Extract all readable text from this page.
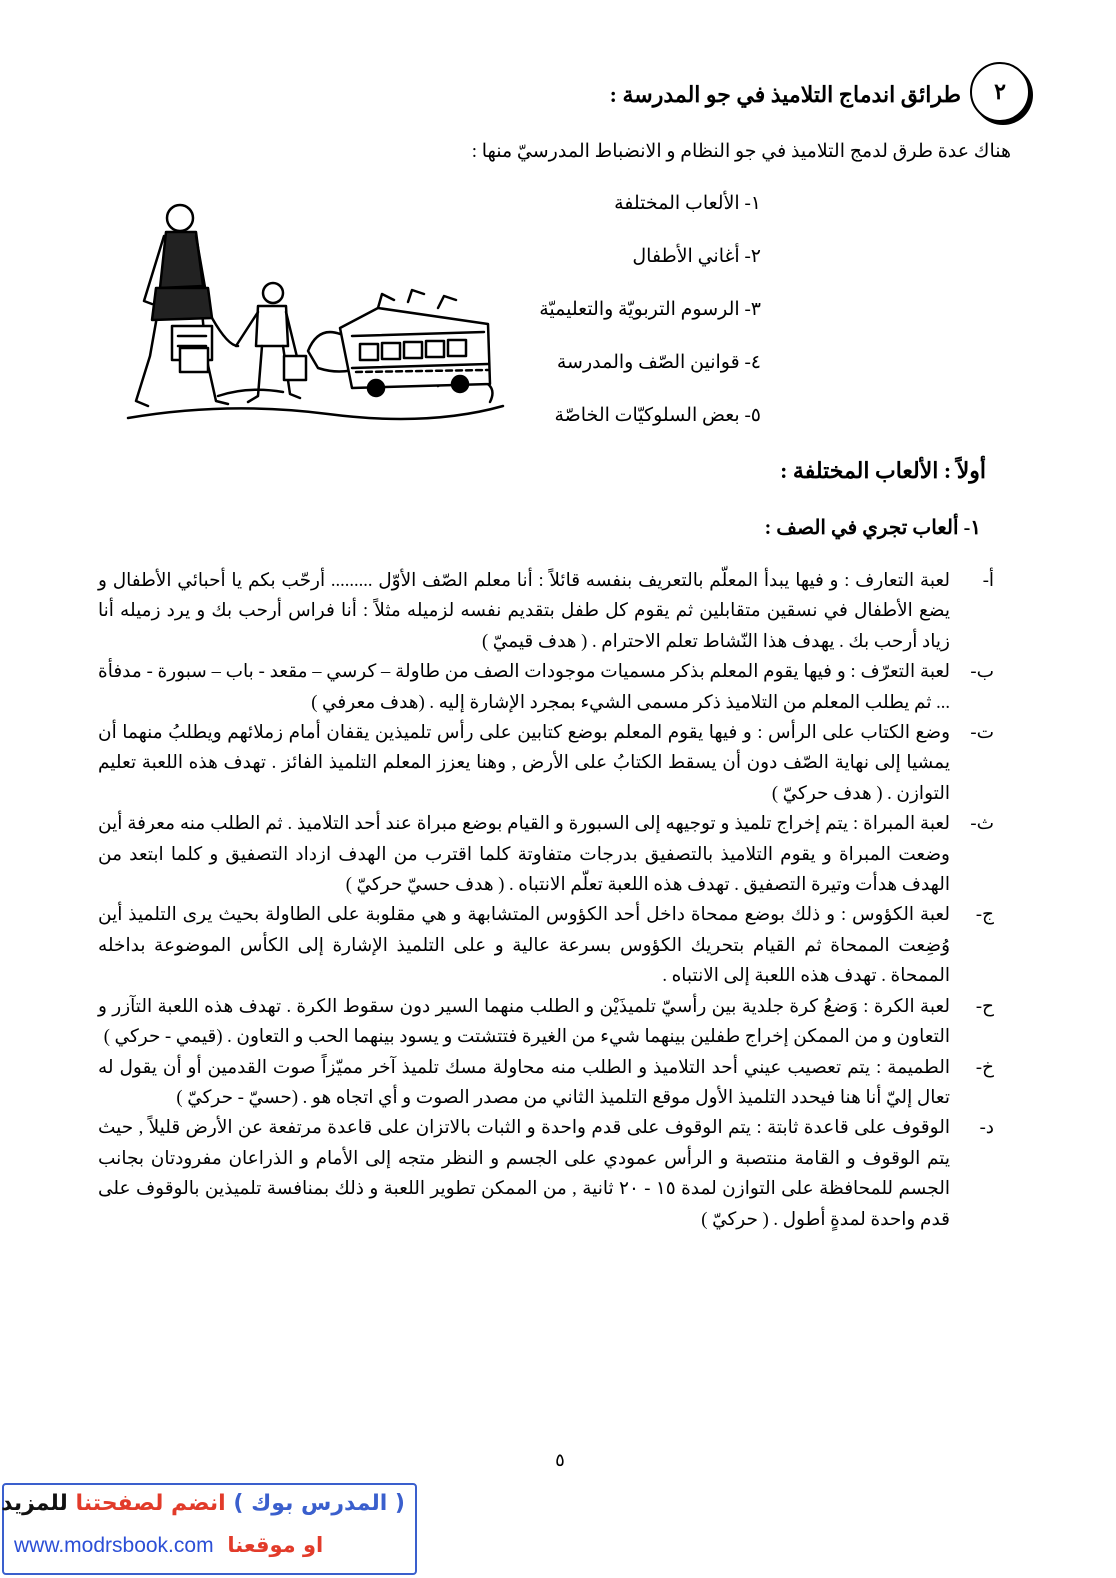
٢
طرائق اندماج التلاميذ في جو المدرسة :
هناك عدة طرق لدمج التلاميذ في جو النظام و الانضباط المدرسيّ منها :
١- الألعاب المختلفة
٢- أغاني الأطفال
٣- الرسوم التربويّة والتعليميّة
٤- قوانين الصّف والمدرسة
٥- بعض السلوكيّات الخاصّة
أولاً : الألعاب المختلفة :
١- ألعاب تجري في الصف :
أ-
لعبة التعارف : و فيها يبدأ المعلّم بالتعريف بنفسه قائلاً : أنا معلم الصّف الأوّل ......... أرحّب بكم يا أحبائي الأطفال و يضع الأطفال في نسقين متقابلين ثم يقوم كل طفل بتقديم نفسه لزميله مثلاً : أنا فراس أرحب بك و يرد زميله أنا زياد أرحب بك . يهدف هذا النّشاط تعلم الاحترام . ( هدف قيميّ )
ب-
لعبة التعرّف : و فيها يقوم المعلم بذكر مسميات موجودات الصف من طاولة – كرسي – مقعد - باب – سبورة - مدفأة ... ثم يطلب المعلم من التلاميذ ذكر مسمى الشيء بمجرد الإشارة إليه . (هدف معرفي )
ت-
وضع الكتاب على الرأس : و فيها يقوم المعلم بوضع كتابين على رأس تلميذين يقفان أمام زملائهم ويطلبُ منهما أن يمشيا إلى نهاية الصّف دون أن يسقط الكتابُ على الأرض , وهنا يعزز المعلم التلميذ الفائز . تهدف هذه اللعبة تعليم التوازن . ( هدف حركيّ )
ث-
لعبة المبراة : يتم إخراج تلميذ و توجيهه إلى السبورة و القيام بوضع مبراة عند أحد التلاميذ . ثم الطلب منه معرفة أين وضعت المبراة و يقوم التلاميذ بالتصفيق بدرجات متفاوتة كلما اقترب من الهدف ازداد التصفيق و كلما ابتعد من الهدف هدأت وتيرة التصفيق . تهدف هذه اللعبة تعلّم الانتباه . ( هدف حسيّ حركيّ )
ج-
لعبة الكؤوس : و ذلك بوضع ممحاة داخل أحد الكؤوس المتشابهة و هي مقلوبة على الطاولة بحيث يرى التلميذ أين وُضِعت الممحاة ثم القيام بتحريك الكؤوس بسرعة عالية و على التلميذ الإشارة إلى الكأس الموضوعة بداخله الممحاة . تهدف هذه اللعبة إلى الانتباه .
ح-
لعبة الكرة : وَضعُ كرة جلدية بين رأسيّ تلميذَيْن و الطلب منهما السير دون سقوط الكرة . تهدف هذه اللعبة التآزر و التعاون و من الممكن إخراج طفلين بينهما شيء من الغيرة فتتشتت و يسود بينهما الحب و التعاون . (قيمي - حركي )
خ-
الطميمة : يتم تعصيب عيني أحد التلاميذ و الطلب منه محاولة مسك تلميذ آخر مميّزاً صوت القدمين أو أن يقول له تعال إليّ أنا هنا فيحدد التلميذ الأول موقع التلميذ الثاني من مصدر الصوت و أي اتجاه هو . (حسيّ - حركيّ )
د-
الوقوف على قاعدة ثابتة : يتم الوقوف على قدم واحدة و الثبات بالاتزان على قاعدة مرتفعة عن الأرض قليلاً , حيث يتم الوقوف و القامة منتصبة و الرأس عمودي على الجسم و النظر متجه إلى الأمام و الذراعان مفرودتان بجانب الجسم للمحافظة على التوازن لمدة ١٥ - ٢٠ ثانية , من الممكن تطوير اللعبة و ذلك بمنافسة تلميذين بالوقوف على قدم واحدة لمدةٍ أطول . ( حركيّ )
٥
( المدرس بوك ) انضم لصفحتنا للمزيد
www.modrsbook.com او موقعنا
